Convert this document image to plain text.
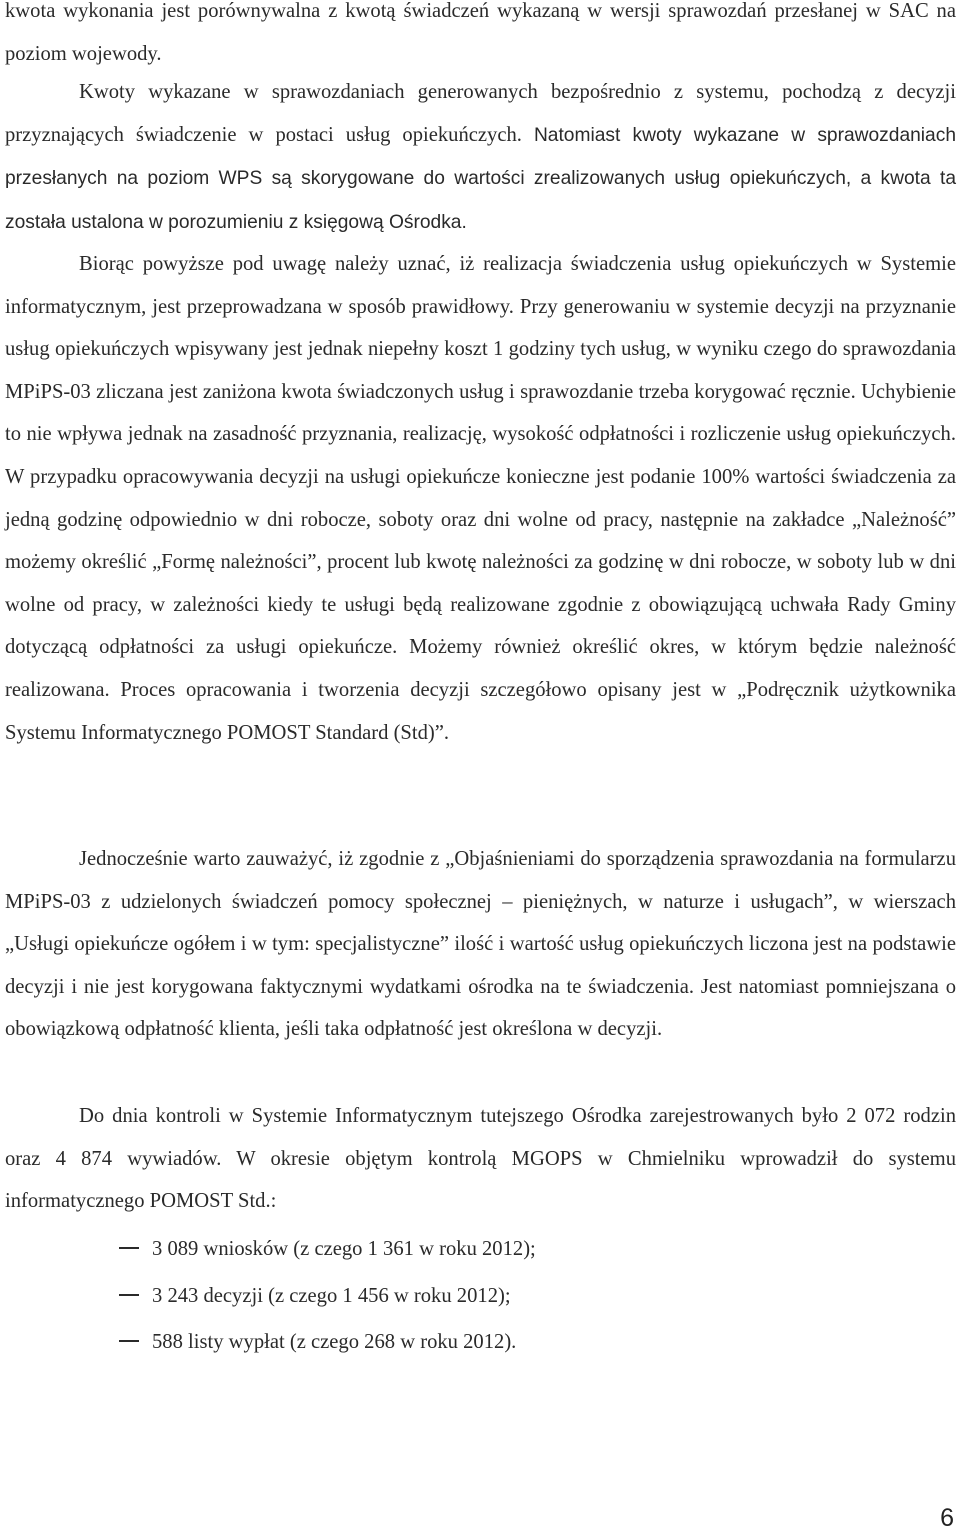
kwota wykonania jest porównywalna z kwotą świadczeń wykazaną w wersji sprawozdań przesłanej w SAC na poziom wojewody.

Kwoty wykazane w sprawozdaniach generowanych bezpośrednio z systemu, pochodzą z decyzji przyznających świadczenie w postaci usług opiekuńczych. Natomiast kwoty wykazane w sprawozdaniach przesłanych na poziom WPS są skorygowane do wartości zrealizowanych usług opiekuńczych, a kwota ta została ustalona w porozumieniu z księgową Ośrodka.

Biorąc powyższe pod uwagę należy uznać, iż realizacja świadczenia usług opiekuńczych w Systemie informatycznym, jest przeprowadzana w sposób prawidłowy. Przy generowaniu w systemie decyzji na przyznanie usług opiekuńczych wpisywany jest jednak niepełny koszt 1 godziny tych usług, w wyniku czego do sprawozdania MPiPS-03 zliczana jest zaniżona kwota świadczonych usług i sprawozdanie trzeba korygować ręcznie. Uchybienie to nie wpływa jednak na zasadność przyznania, realizację, wysokość odpłatności i rozliczenie usług opiekuńczych. W przypadku opracowywania decyzji na usługi opiekuńcze konieczne jest podanie 100% wartości świadczenia za jedną godzinę odpowiednio w dni robocze, soboty oraz dni wolne od pracy, następnie na zakładce „Należność” możemy określić „Formę należności”, procent lub kwotę należności za godzinę w dni robocze, w soboty lub w dni wolne od pracy, w zależności kiedy te usługi będą realizowane zgodnie z obowiązującą uchwała Rady Gminy dotyczącą odpłatności za usługi opiekuńcze. Możemy również określić okres, w którym będzie należność realizowana. Proces opracowania i tworzenia decyzji szczegółowo opisany jest w „Podręcznik użytkownika Systemu Informatycznego POMOST Standard (Std)”.

Jednocześnie warto zauważyć, iż zgodnie z „Objaśnieniami do sporządzenia sprawozdania na formularzu MPiPS-03 z udzielonych świadczeń pomocy społecznej – pieniężnych, w naturze i usługach”, w wierszach „Usługi opiekuńcze ogółem i w tym: specjalistyczne” ilość i wartość usług opiekuńczych liczona jest na podstawie decyzji i nie jest korygowana faktycznymi wydatkami ośrodka na te świadczenia. Jest natomiast pomniejszana o obowiązkową odpłatność klienta, jeśli taka odpłatność jest określona w decyzji.

Do dnia kontroli w Systemie Informatycznym tutejszego Ośrodka zarejestrowanych było 2 072 rodzin oraz 4 874 wywiadów. W okresie objętym kontrolą MGOPS w Chmielniku wprowadził do systemu informatycznego POMOST Std.:

3 089 wniosków (z czego 1 361 w roku 2012);
3 243 decyzji (z czego 1 456 w roku 2012);
588 listy wypłat (z czego 268 w roku 2012).
6
